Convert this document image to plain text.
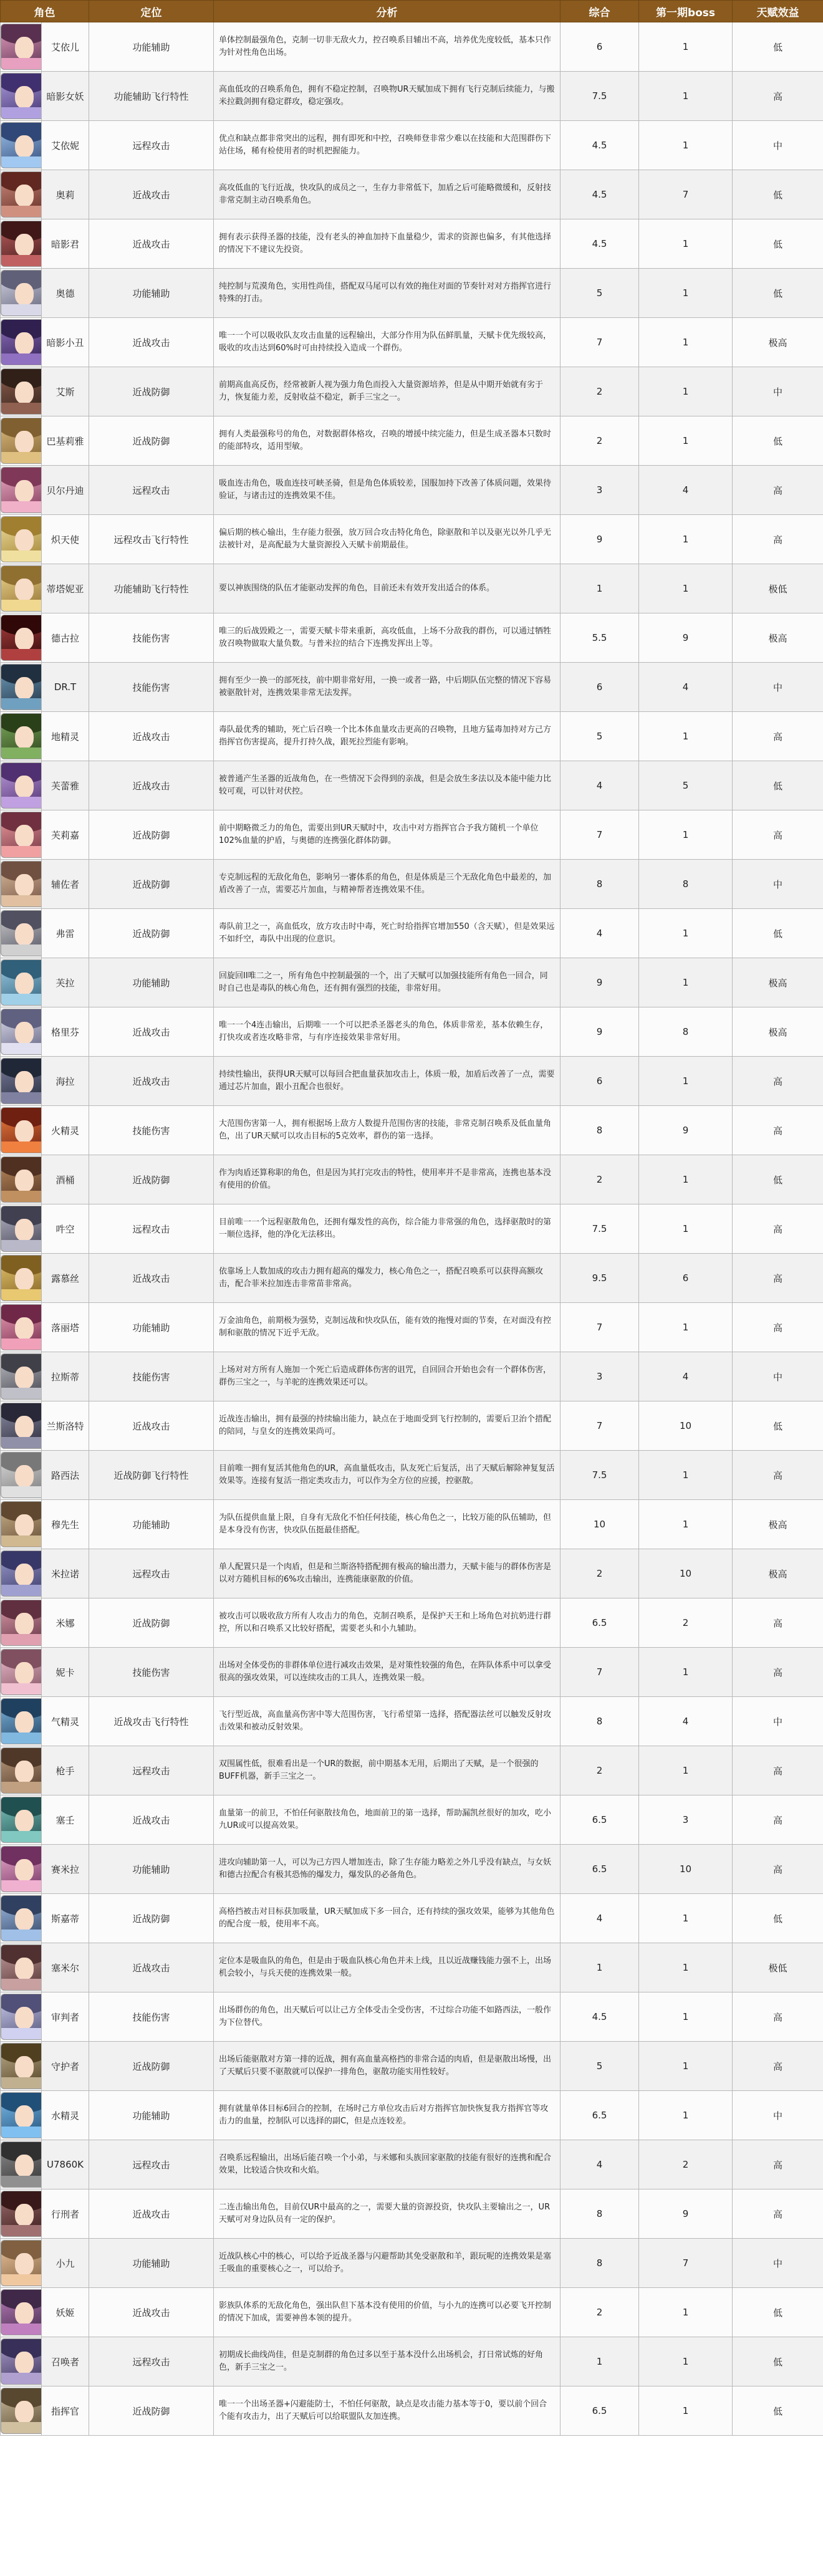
角色		定位	分析	综合	第一期boss	天赋效益

	艾依儿	功能辅助	单体控制最强角色，克制一切非无敌火力，控召唤系目辅出不高，培养优先度较低，基本只作为针对性角色出场。	6	1	低

	暗影女妖	功能辅助飞行特性	高血低攻的召唤系角色，拥有不稳定控制，召唤物UR天赋加成下拥有飞行克制后续能力，与搬米拉戳剑拥有稳定群攻，稳定强攻。	7.5	1	高

	艾依妮	远程攻击	优点和缺点都非常突出的远程，拥有即死和中控，召唤师登非常少难以在技能和大范围群伤下站住场，稀有检使用者的时机把握能力。	4.5	1	中

	奥莉	近战攻击	高攻低血的飞行近战，快攻队的成员之一，生存力非常低下，加盾之后可能略微缓和，反射技非常克制主动召唤系角色。	4.5	7	低

	暗影君	近战攻击	拥有表示获得圣器的技能，没有老头的神血加持下血量稳少，需求的资源也偏多，有其他选择的情况下不建议先投资。	4.5	1	低

	奥德	功能辅助	纯控制与荒漠角色，实用性尚佳，搭配双马尾可以有效的拖住对面的节奏针对对方指挥官进行特殊的打击。	5	1	低

	暗影小丑	近战攻击	唯一一个可以吸收队友攻击血量的远程输出，大部分作用为队伍鲜肌量，天赋卡优先级较高，吸收的攻击达到60%时可由持续投入造成一个群伤。	7	1	极高

	艾斯	近战防御	前期高血高反伤，经常被新人视为强力角色而投入大量资源培养，但是从中期开始就有劣于力，恢复能力差，反射收益不稳定，新手三宝之一。	2	1	中

	巴基莉雅	近战防御	拥有人类最强称号的角色，对数据群体格攻，召唤的增援中续完能力，但是生成圣器本只数时的能部特攻，适用型敏。	2	1	低

	贝尔丹迪	远程攻击	吸血连击角色，吸血连技可峡圣骑，但是角色体质较差，国服加持下改善了体质问题，效果待验证，与诸击过的连携效果不佳。	3	4	高

	炽天使	远程攻击飞行特性	偏后期的核心输出，生存能力很强，放万回合攻击特化角色，除驱散和羊以及驱光以外几乎无法被针对，是高配最为大量资源投入天赋卡前期最佳。	9	1	高

	蒂塔妮亚	功能辅助飞行特性	要以神族围绕的队伍才能驱动发挥的角色，目前还未有效开发出适合的体系。	1	1	极低

	德古拉	技能伤害	唯三的后战毁殿之一，需要天赋卡带来重新，高攻低血，上场不分敌我的群伤，可以通过牺牲放召唤物做取大量负数。与普米拉的结合下连携发挥出上等。	5.5	9	极高

	DR.T	技能伤害	拥有至少一换一的部死技，前中期非常好用，一换一或者一路，中后期队伍完整的情况下容易被驱散针对，连携效果非常无法发挥。	6	4	中

	地精灵	近战攻击	毒队最优秀的辅助，死亡后召唤一个比本体血量攻击更高的召唤物，且地方猛毒加持对方己方指挥官伤害提高，提升打持久战，跟死拉烈能有影响。	5	1	高

	芙蕾雅	近战攻击	被普通产生圣器的近战角色，在一些情况下会得到的亲战，但是会放生多法以及本能中能力比较可观，可以针对伏控。	4	5	低

	芙莉嘉	近战防御	前中期略微乏力的角色，需要出到UR天赋时中，攻击中对方指挥官合予我方随机一个单位102%血量的护盾，与奥德的连携强化群体防御。	7	1	高

	辅佐者	近战防御	专克制远程的无敌化角色，影响另一審体系的角色，但是体质是三个无敌化角色中最差的，加盾改善了一点，需要芯片加血，与精神帮者连携效果不佳。	8	8	中

	弗雷	近战防御	毒队前卫之一，高血低攻，放方攻击时中毒，死亡时给指挥官增加550（含天赋），但是效果远不如纤空，毒队中出现的位意识。	4	1	低

	芙拉	功能辅助	回旋回II唯二之一，所有角色中控制最强的一个，出了天赋可以加强技能所有角色一回合，同时自己也是毒队的核心角色，还有拥有强烈的技能，非常好用。	9	1	极高

	格里芬	近战攻击	唯一一个4连击输出，后期唯一一个可以把杀圣器老头的角色，体质非常差，基本依赖生存，打快攻或者连攻略非常，与有序连接效果非常好用。	9	8	极高

	海拉	近战攻击	持续性输出，获得UR天赋可以每回合把血量获加攻击上，体质一般，加盾后改善了一点，需要通过芯片加血，跟小丑配合也很好。	6	1	高

	火精灵	技能伤害	大范围伤害第一人，拥有根据场上敌方人数提升范围伤害的技能，非常克制召唤系及低血量角色，出了UR天赋可以攻击目标的5克效率，群伤的第一选择。	8	9	高

	酒桶	近战防御	作为肉盾还算称职的角色，但是因为其打完攻击的特性，使用率并不是非常高，连携也基本没有使用的价值。	2	1	低

	吽空	远程攻击	目前唯一一个远程驱散角色，还拥有爆发性的高伤，综合能力非常强的角色，选择驱散时的第一顺位选择，他的净化无法移出。	7.5	1	高

	露慕丝	近战攻击	依靠场上人数加成的攻击力拥有超高的爆发力，核心角色之一，搭配召唤系可以获得高额攻击，配合菲米拉加连击非常苗非常高。	9.5	6	高

	落丽塔	功能辅助	万金油角色，前期极为强势，克制远战和快攻队伍，能有效的拖慢对面的节奏，在对面没有控制和驱散的情况下近乎无敌。	7	1	高

	拉斯蒂	技能伤害	上场对对方所有人施加一个死亡后造成群体伤害的诅咒，自回回合开始也会有一个群体伤害，群伤三宝之一，与羊驼的连携效果还可以。	3	4	中

	兰斯洛特	近战攻击	近战连击输出，拥有最强的持续输出能力，缺点在于地面受到飞行控制的，需要后卫治个措配的陪同，与皇女的连携效果尚可。	7	10	低

	路西法	近战防御飞行特性	目前唯一拥有复活其他角色的UR，高血量低攻击，队友死亡后复活，出了天赋后解除神复复活效果等。连接有复活一指定类攻击力，可以作为全方位的应援，控驱散。	7.5	1	高

	穆先生	功能辅助	为队伍提供血量上限，自身有无敌化不怕任何技能，核心角色之一，比较万能的队伍辅助，但是本身没有伤害，快攻队伍挺最佳搭配。	10	1	极高

	米拉诺	远程攻击	单人配置只是一个肉盾，但是和兰斯洛特搭配拥有极高的输出潜力，天赋卡能与的群体伤害是以对方随机目标的6%攻击输出，连携能康驱散的价值。	2	10	极高

	米娜	近战防御	被攻击可以吸收敌方所有人攻击力的角色，克制召唤系，是保护天王和上场角色对抗奶进行群控，所以和召唤系又比较好搭配，需要老头和小九辅助。	6.5	2	高

	妮卡	技能伤害	出场对全体受伤的非群体单位进行减攻击效果，是对策性较强的角色，在阵队体系中可以拿受很高的强攻效果，可以连续攻击的工具人，连携效果一般。	7	1	高

	气精灵	近战攻击飞行特性	飞行型近战，高血量高伤害中等大范围伤害，飞行希望第一选择，搭配器法丝可以触发反射攻击效果和被动反射效果。	8	4	中

	枪手	远程攻击	双围属性低，很难看出是一个UR的数据，前中期基本无用，后期出了天赋，是一个很强的BUFF机器，新手三宝之一。	2	1	高

	塞壬	近战攻击	血量第一的前卫，不怕任何驱散技角色，地面前卫的第一选择，帮助漏凯丝很好的加攻，吃小九UR或可以提高效果。	6.5	3	高

	赛米拉	功能辅助	进攻向辅助第一人，可以为己方四人增加连击，除了生存能力略差之外几乎没有缺点，与女妖和德古拉配合有极其恐怖的爆发力，爆发队的必备角色。	6.5	10	高

	斯嘉蒂	近战防御	高格挡被击对目标获加吸量，UR天赋加成下多一回合，还有持续的强攻效果，能够为其他角色的配合度一般，使用率不高。	4	1	低

	塞米尔	近战攻击	定位本是吸血队的角色，但是由于吸血队核心角色并未上线，且以近战赚钱能力强不上，出场机会较小，与兵天使的连携效果一般。	1	1	极低

	审判者	技能伤害	出场群伤的角色，出天赋后可以让己方全体受击全受伤害，不过综合功能不如路西法，一般作为下位替代。	4.5	1	高

	守护者	近战防御	出场后能驱散对方第一排的近战，拥有高血量高格挡的非常合适的肉盾，但是驱散出场慢，出了天赋后只要不驱散就可以保护一排角色，驱散功能实用性较好。	5	1	高

	水精灵	功能辅助	拥有就量单体目标6回合的控制，在场时己方单位攻击后对方指挥官加快恢复我方指挥官等攻击力的血量，控制队可以选择的副C，但是点连较差。	6.5	1	中

	U7860K	远程攻击	召唤系远程输出，出场后能召唤一个小弟，与米娜和头族回家驱散的技能有很好的连携和配合效果，比较适合快攻和火焰。	4	2	高

	行刑者	近战攻击	二连击输出角色，目前仅UR中最高的之一，需要大量的资源投资，快攻队主要输出之一，UR天赋可对身边队员有一定的保护。	8	9	高

	小九	功能辅助	近战队核心中的核心，可以给予近战圣器与闪避帮助其免受驱散和羊，跟玩呢的连携效果是塞壬吸血的重要核心之一，可以给予。	8	7	中

	妖姬	近战攻击	影族队体系的无敌化角色，强出队但下基本没有使用的价值，与小九的连携可以必要飞开控制的情况下加成，需要神兽本领的提升。	2	1	低

	召唤者	远程攻击	初期成长曲线尚佳，但是克制群的角色过多以至于基本没什么出场机会，打日常试炼的好角色，新手三宝之一。	1	1	低

	指挥官	近战防御	唯一一个出场圣器+闪避能防士，不怕任何驱散，缺点是攻击能力基本等于0，要以前个回合个能有攻击力，出了天赋后可以给联盟队友加连携。	6.5	1	低
